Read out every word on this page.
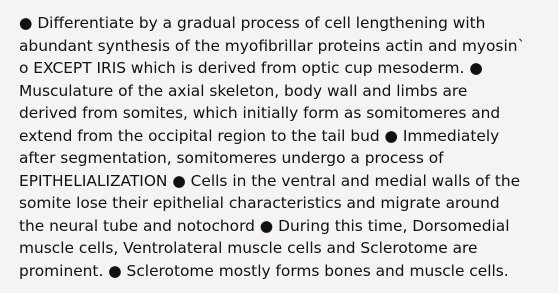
● Differentiate by a gradual process of cell lengthening with
abundant synthesis of the myofibrillar proteins actin and myosin`
o EXCEPT IRIS which is derived from optic cup mesoderm. ●
Musculature of the axial skeleton, body wall and limbs are
derived from somites, which initially form as somitomeres and
extend from the occipital region to the tail bud ● Immediately
after segmentation, somitomeres undergo a process of
EPITHELIALIZATION ● Cells in the ventral and medial walls of the
somite lose their epithelial characteristics and migrate around
the neural tube and notochord ● During this time, Dorsomedial
muscle cells, Ventrolateral muscle cells and Sclerotome are
prominent. ● Sclerotome mostly forms bones and muscle cells.
